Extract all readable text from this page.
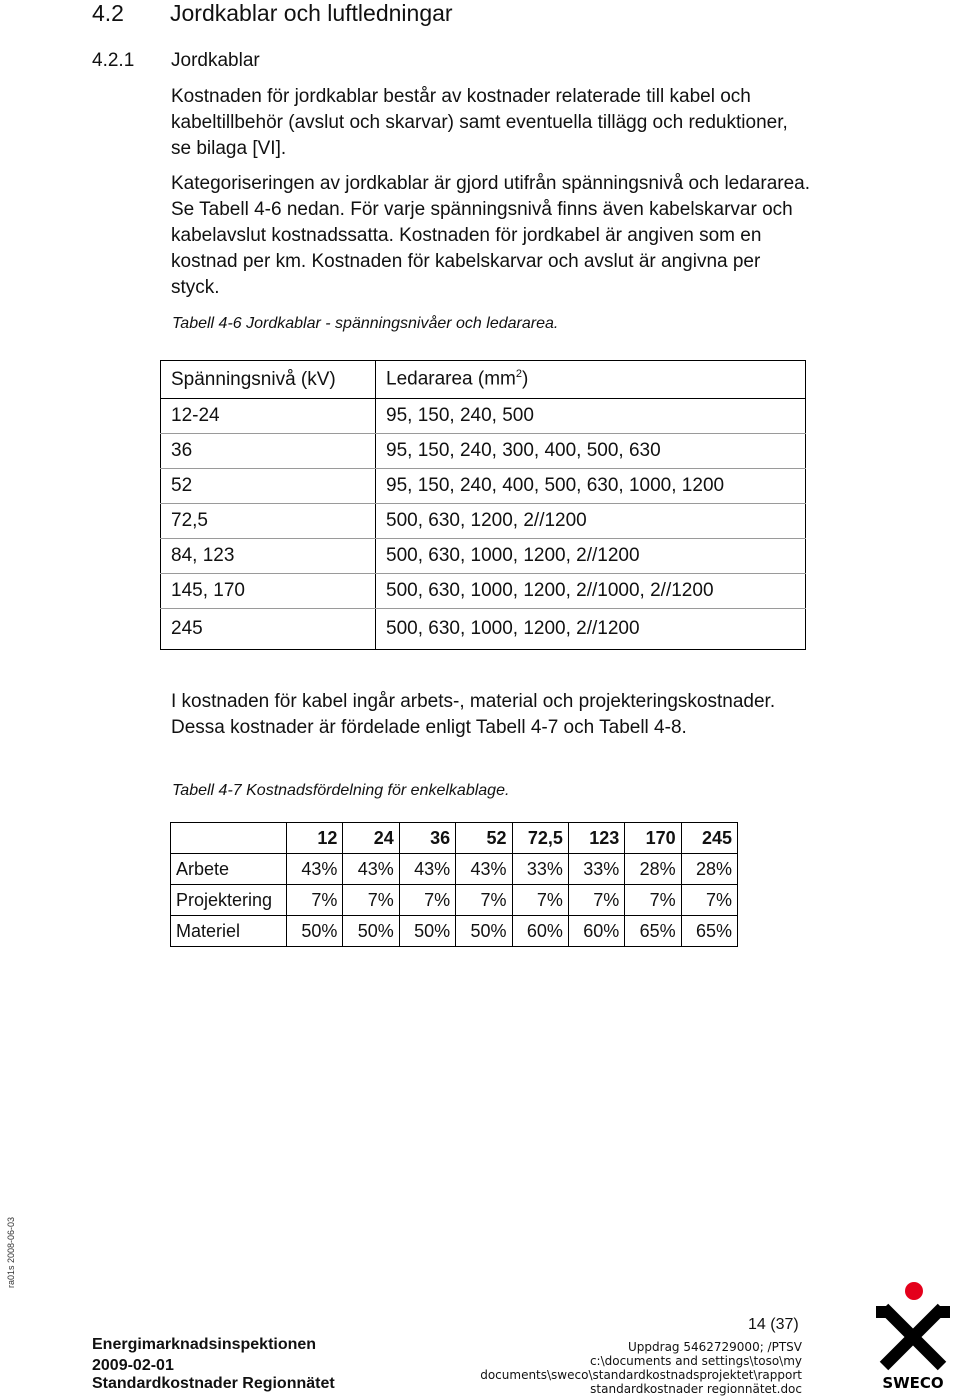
4.2 Jordkablar och luftledningar
4.2.1 Jordkablar
Kostnaden för jordkablar består av kostnader relaterade till kabel och kabeltillbehör (avslut och skarvar) samt eventuella tillägg och reduktioner, se bilaga [VI].
Kategoriseringen av jordkablar är gjord utifrån spänningsnivå och ledararea. Se Tabell 4-6 nedan. För varje spänningsnivå finns även kabelskarvar och kabelavslut kostnadssatta. Kostnaden för jordkabel är angiven som en kostnad per km. Kostnaden för kabelskarvar och avslut är angivna per styck.
Tabell 4-6 Jordkablar - spänningsnivåer och ledararea.
Spänningsnivå (kV)	Ledararea $(mm^2)$
12-24	95, 150, 240, 500
36	95, 150, 240, 300, 400, 500, 630
52	95, 150, 240, 400, 500, 630, 1000, 1200
72,5	500, 630, 1200, 2//1200
84, 123	500, 630, 1000, 1200, 2//1200
145, 170	500, 630, 1000, 1200, 2//1000, 2//1200
245	500, 630, 1000, 1200, 2//1200
I kostnaden för kabel ingår arbets-, material och projekteringskostnader. Dessa kostnader är fördelade enligt Tabell 4-7 och Tabell 4-8.
Tabell 4-7 Kostnadsfördelning för enkelkablage.
	12	24	36	52	72,5	123	170	245
Arbete	43%	43%	43%	43%	33%	33%	28%	28%
Projektering	7%	7%	7%	7%	7%	7%	7%	7%
Materiel	50%	50%	50%	50%	60%	60%	65%	65%
ra01s 2008-06-03
14 (37)
Energimarknadsinspektionen
2009-02-01
Standardkostnader Regionnätet
Uppdrag 5462729000; /PTSV
c:\documents and settings\toso\my
documents\sweco\standardkostnadsprojektet\rapport
standardkostnader regionnätet.doc	SWECO
